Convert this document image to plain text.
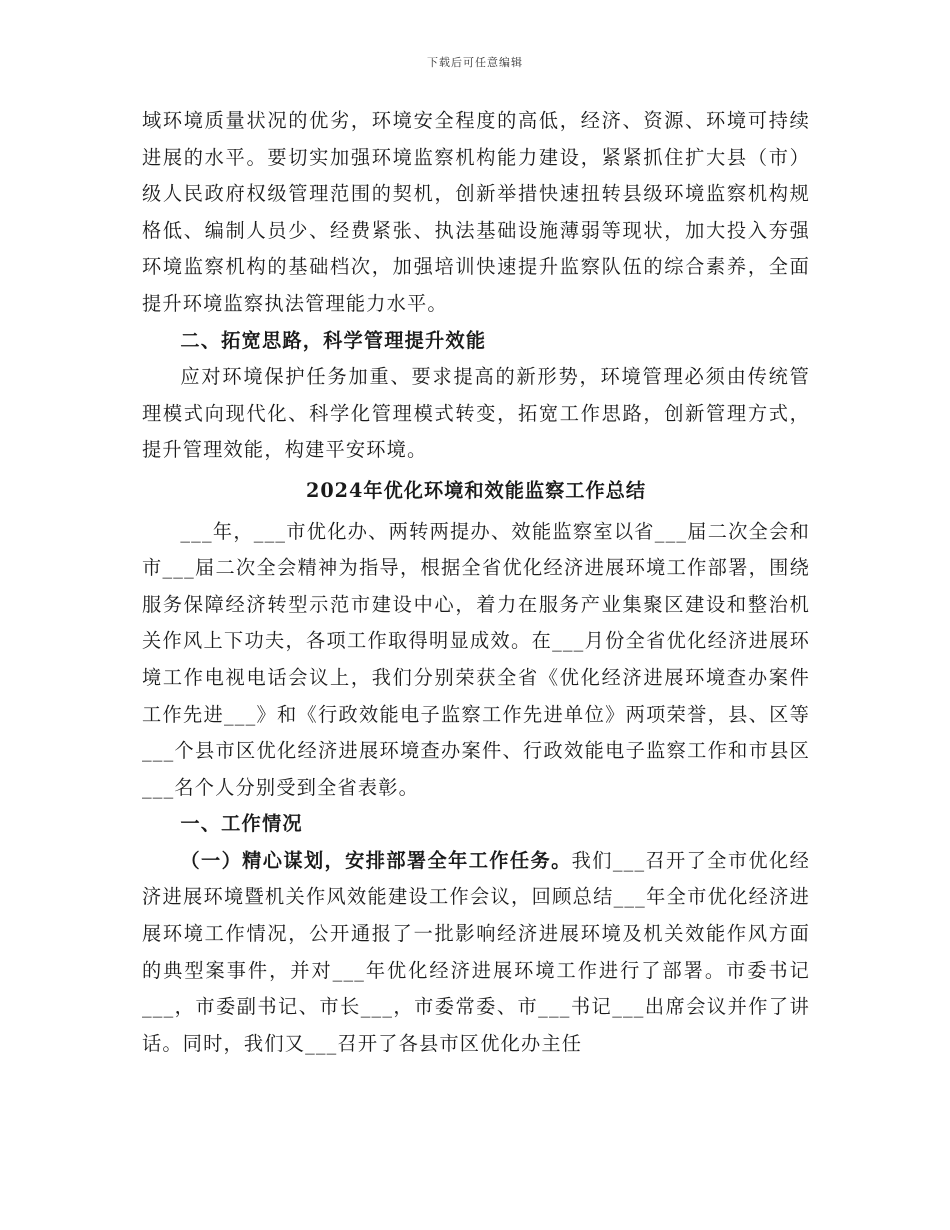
下载后可任意编辑

域环境质量状况的优劣，环境安全程度的高低，经济、资源、环境可持续进展的水平。要切实加强环境监察机构能力建设，紧紧抓住扩大县（市）级人民政府权级管理范围的契机，创新举措快速扭转县级环境监察机构规格低、编制人员少、经费紧张、执法基础设施薄弱等现状，加大投入夯强环境监察机构的基础档次，加强培训快速提升监察队伍的综合素养，全面提升环境监察执法管理能力水平。

二、拓宽思路，科学管理提升效能

应对环境保护任务加重、要求提高的新形势，环境管理必须由传统管理模式向现代化、科学化管理模式转变，拓宽工作思路，创新管理方式，提升管理效能，构建平安环境。

2024年优化环境和效能监察工作总结

___年，___市优化办、两转两提办、效能监察室以省___届二次全会和市___届二次全会精神为指导，根据全省优化经济进展环境工作部署，围绕服务保障经济转型示范市建设中心，着力在服务产业集聚区建设和整治机关作风上下功夫，各项工作取得明显成效。在___月份全省优化经济进展环境工作电视电话会议上，我们分别荣获全省《优化经济进展环境查办案件工作先进___》和《行政效能电子监察工作先进单位》两项荣誉，县、区等___个县市区优化经济进展环境查办案件、行政效能电子监察工作和市县区___名个人分别受到全省表彰。

一、工作情况

（一）精心谋划，安排部署全年工作任务。我们___召开了全市优化经济进展环境暨机关作风效能建设工作会议，回顾总结___年全市优化经济进展环境工作情况，公开通报了一批影响经济进展环境及机关效能作风方面的典型案事件，并对___年优化经济进展环境工作进行了部署。市委书记___，市委副书记、市长___，市委常委、市___书记___出席会议并作了讲话。同时，我们又___召开了各县市区优化办主任
